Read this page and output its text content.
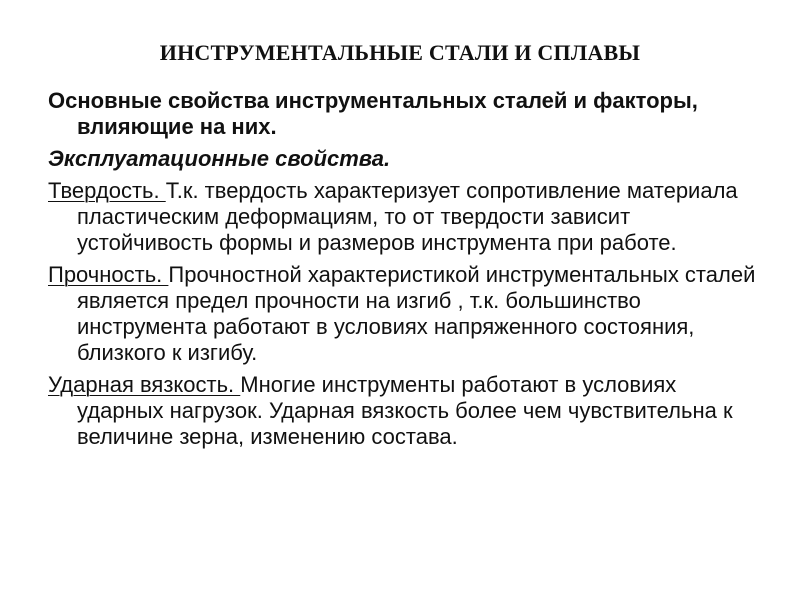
ИНСТРУМЕНТАЛЬНЫЕ СТАЛИ И СПЛАВЫ

Основные свойства инструментальных сталей и факторы, влияющие на них.

Эксплуатационные свойства.

Твердость. Т.к. твердость характеризует сопротивление материала пластическим деформациям, то от твердости зависит устойчивость формы и размеров инструмента при работе.

Прочность. Прочностной характеристикой инструментальных сталей является предел прочности на изгиб , т.к. большинство инструмента работают в условиях напряженного состояния, близкого к изгибу.

Ударная вязкость. Многие инструменты работают в условиях ударных нагрузок. Ударная вязкость более чем чувствительна к величине зерна, изменению состава.
